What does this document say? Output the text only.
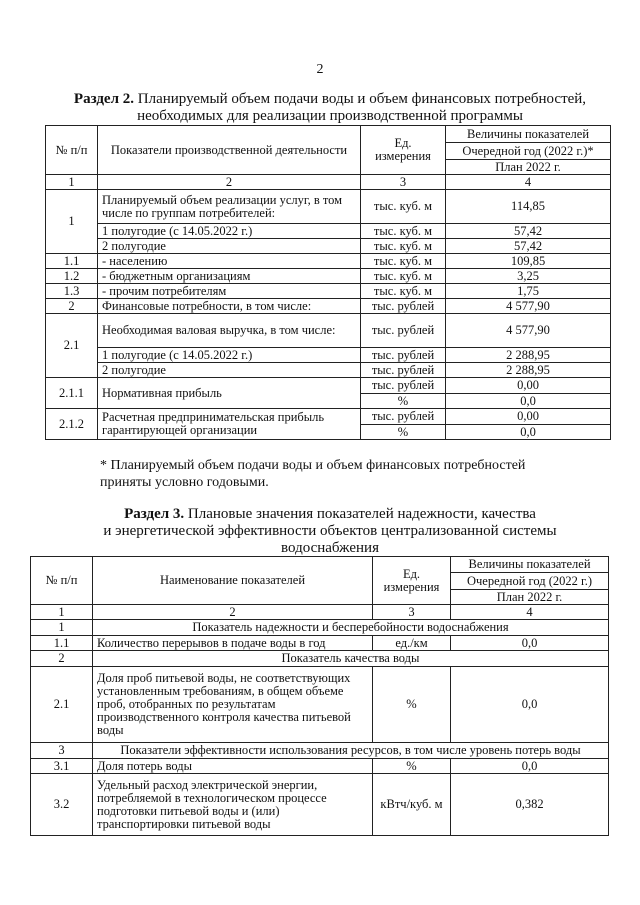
2
Раздел 2. Планируемый объем подачи воды и объем финансовых потребностей,
необходимых для реализации производственной программы
№ п/п	Показатели производственной деятельности	Ед. измерения	Величины показателей
			Очередной год (2022 г.)*
			План 2022 г.
1	2	3	4
1	Планируемый объем реализации услуг, в том числе по группам потребителей:	тыс. куб. м	114,85
	1 полугодие (с 14.05.2022 г.)	тыс. куб. м	57,42
	2 полугодие	тыс. куб. м	57,42
1.1	- населению	тыс. куб. м	109,85
1.2	- бюджетным организациям	тыс. куб. м	3,25
1.3	- прочим потребителям	тыс. куб. м	1,75
2	Финансовые потребности, в том числе:	тыс. рублей	4 577,90
2.1	Необходимая валовая выручка, в том числе:	тыс. рублей	4 577,90
	1 полугодие (с 14.05.2022 г.)	тыс. рублей	2 288,95
	2 полугодие	тыс. рублей	2 288,95
2.1.1	Нормативная прибыль	тыс. рублей	0,00
		%	0,0
2.1.2	Расчетная предпринимательская прибыль гарантирующей организации	тыс. рублей	0,00
		%	0,0
* Планируемый объем подачи воды и объем финансовых потребностей
приняты условно годовыми.
Раздел 3. Плановые значения показателей надежности, качества
и энергетической эффективности объектов централизованной системы
водоснабжения
№ п/п	Наименование показателей	Ед. измерения	Величины показателей
			Очередной год (2022 г.)
			План 2022 г.
1	2	3	4
1	Показатель надежности и бесперебойности водоснабжения		
1.1	Количество перерывов в подаче воды в год	ед./км	0,0
2	Показатель качества воды		
2.1	Доля проб питьевой воды, не соответствующих установленным требованиям, в общем объеме проб, отобранных по результатам производственного контроля качества питьевой воды	%	0,0
3	Показатели эффективности использования ресурсов, в том числе уровень потерь воды		
3.1	Доля потерь воды	%	0,0
3.2	Удельный расход электрической энергии, потребляемой в технологическом процессе подготовки питьевой воды и (или) транспортировки питьевой воды	кВтч/куб. м	0,382
